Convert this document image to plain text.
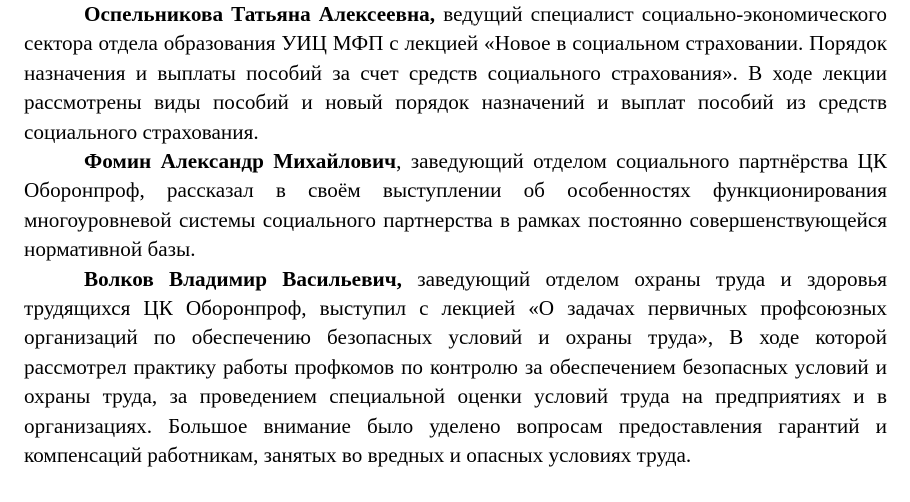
Оспельникова Татьяна Алексеевна, ведущий специалист социально-экономического сектора отдела образования УИЦ МФП с лекцией «Новое в социальном страховании. Порядок назначения и выплаты пособий за счет средств социального страхования». В ходе лекции рассмотрены виды пособий и новый порядок назначений и выплат пособий из средств социального страхования.

Фомин Александр Михайлович, заведующий отделом социального партнёрства ЦК Оборонпроф, рассказал в своём выступлении об особенностях функционирования многоуровневой системы социального партнерства в рамках постоянно совершенствующейся нормативной базы.

Волков Владимир Васильевич, заведующий отделом охраны труда и здоровья трудящихся ЦК Оборонпроф, выступил с лекцией «О задачах первичных профсоюзных организаций по обеспечению безопасных условий и охраны труда», В ходе которой рассмотрел практику работы профкомов по контролю за обеспечением безопасных условий и охраны труда, за проведением специальной оценки условий труда на предприятиях и в организациях. Большое внимание было уделено вопросам предоставления гарантий и компенсаций работникам, занятых во вредных и опасных условиях труда.
